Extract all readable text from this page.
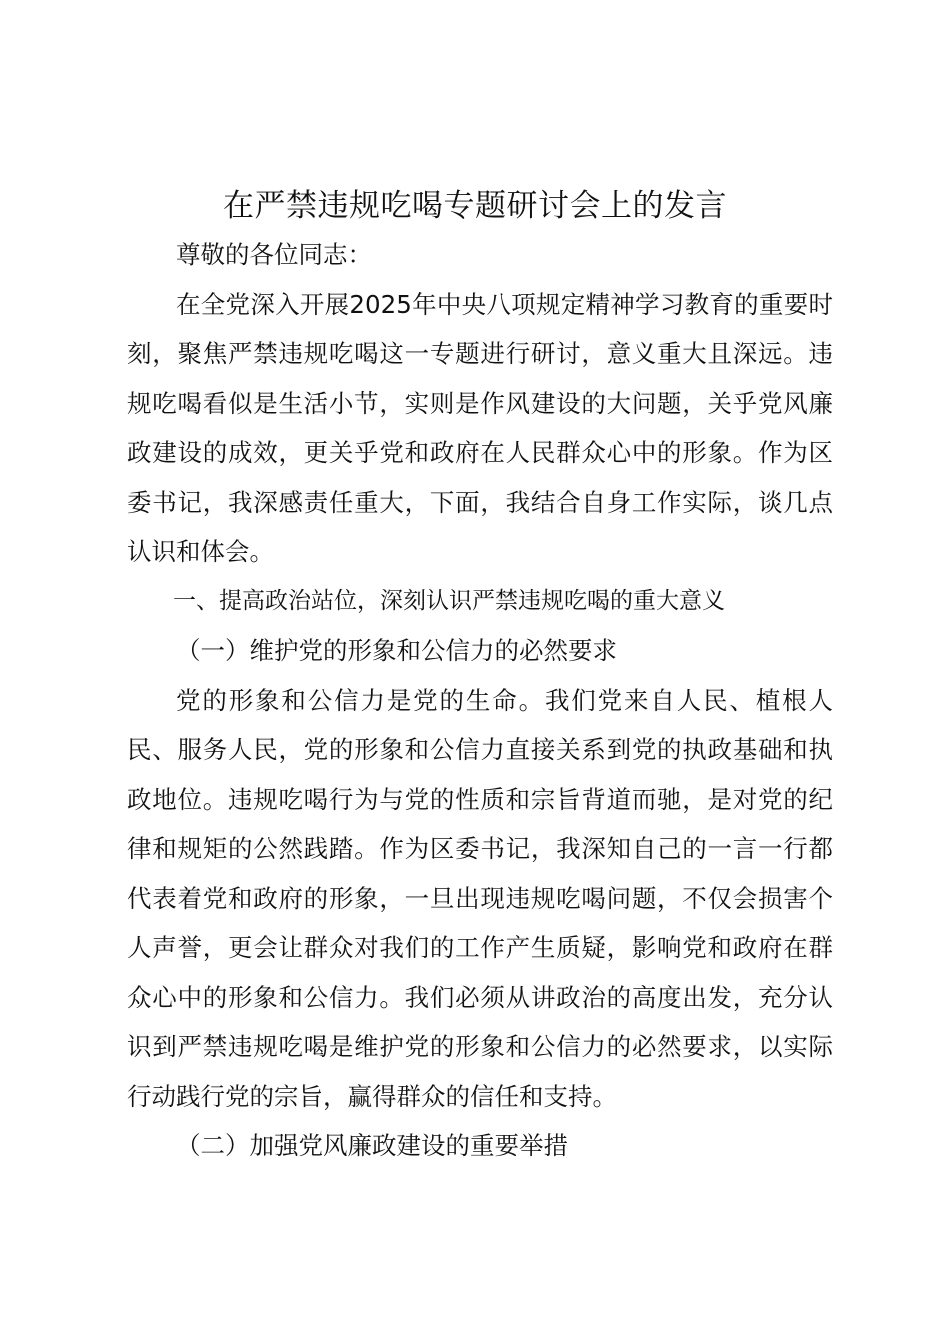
在严禁违规吃喝专题研讨会上的发言

尊敬的各位同志：

在全党深入开展2025年中央八项规定精神学习教育的重要时刻，聚焦严禁违规吃喝这一专题进行研讨，意义重大且深远。违规吃喝看似是生活小节，实则是作风建设的大问题，关乎党风廉政建设的成效，更关乎党和政府在人民群众心中的形象。作为区委书记，我深感责任重大，下面，我结合自身工作实际，谈几点认识和体会。

一、提高政治站位，深刻认识严禁违规吃喝的重大意义

（一）维护党的形象和公信力的必然要求

党的形象和公信力是党的生命。我们党来自人民、植根人民、服务人民，党的形象和公信力直接关系到党的执政基础和执政地位。违规吃喝行为与党的性质和宗旨背道而驰，是对党的纪律和规矩的公然践踏。作为区委书记，我深知自己的一言一行都代表着党和政府的形象，一旦出现违规吃喝问题，不仅会损害个人声誉，更会让群众对我们的工作产生质疑，影响党和政府在群众心中的形象和公信力。我们必须从讲政治的高度出发，充分认识到严禁违规吃喝是维护党的形象和公信力的必然要求，以实际行动践行党的宗旨，赢得群众的信任和支持。

（二）加强党风廉政建设的重要举措
